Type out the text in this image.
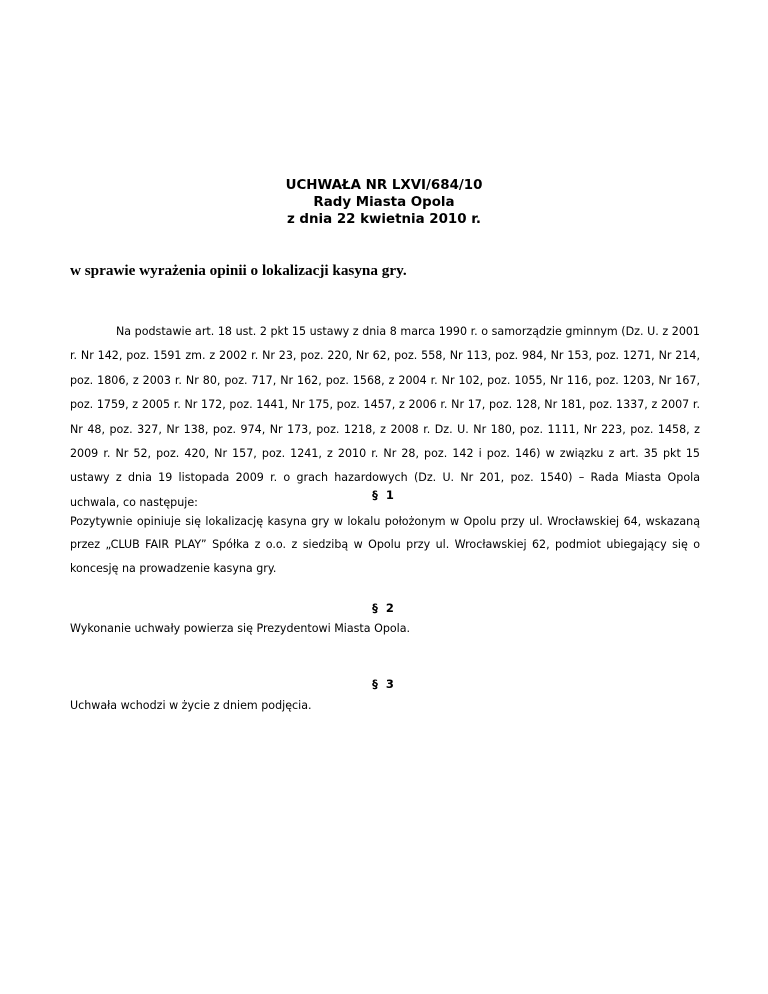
UCHWAŁA NR LXVI/684/10
Rady Miasta Opola
z dnia 22 kwietnia 2010 r.
w sprawie wyrażenia opinii o lokalizacji kasyna gry.
Na podstawie art. 18 ust. 2 pkt 15 ustawy z dnia 8 marca 1990 r. o samorządzie gminnym (Dz. U. z 2001 r. Nr 142, poz. 1591 zm. z 2002 r. Nr 23, poz. 220, Nr 62, poz. 558, Nr 113, poz. 984, Nr 153, poz. 1271, Nr 214, poz. 1806, z 2003 r. Nr 80, poz. 717, Nr 162, poz. 1568, z 2004 r. Nr 102, poz. 1055, Nr 116, poz. 1203, Nr 167, poz. 1759, z 2005 r. Nr 172, poz. 1441, Nr 175, poz. 1457, z 2006 r. Nr 17, poz. 128, Nr 181, poz. 1337, z 2007 r. Nr 48, poz. 327, Nr 138, poz. 974, Nr 173, poz. 1218, z 2008 r. Dz. U. Nr 180, poz. 1111, Nr 223, poz. 1458, z 2009 r. Nr 52, poz. 420, Nr 157, poz. 1241, z 2010 r. Nr 28, poz. 142 i poz. 146) w związku z art. 35 pkt 15 ustawy z dnia 19 listopada 2009 r. o grach hazardowych (Dz. U. Nr 201, poz. 1540) – Rada Miasta Opola uchwala, co następuje:
§ 1
Pozytywnie opiniuje się lokalizację kasyna gry w lokalu położonym w Opolu przy ul. Wrocławskiej 64, wskazaną przez „CLUB FAIR PLAY” Spółka z o.o. z siedzibą w Opolu przy ul. Wrocławskiej 62, podmiot ubiegający się o koncesję na prowadzenie kasyna gry.
§ 2
Wykonanie uchwały powierza się Prezydentowi Miasta Opola.
§ 3
Uchwała wchodzi w życie z dniem podjęcia.
